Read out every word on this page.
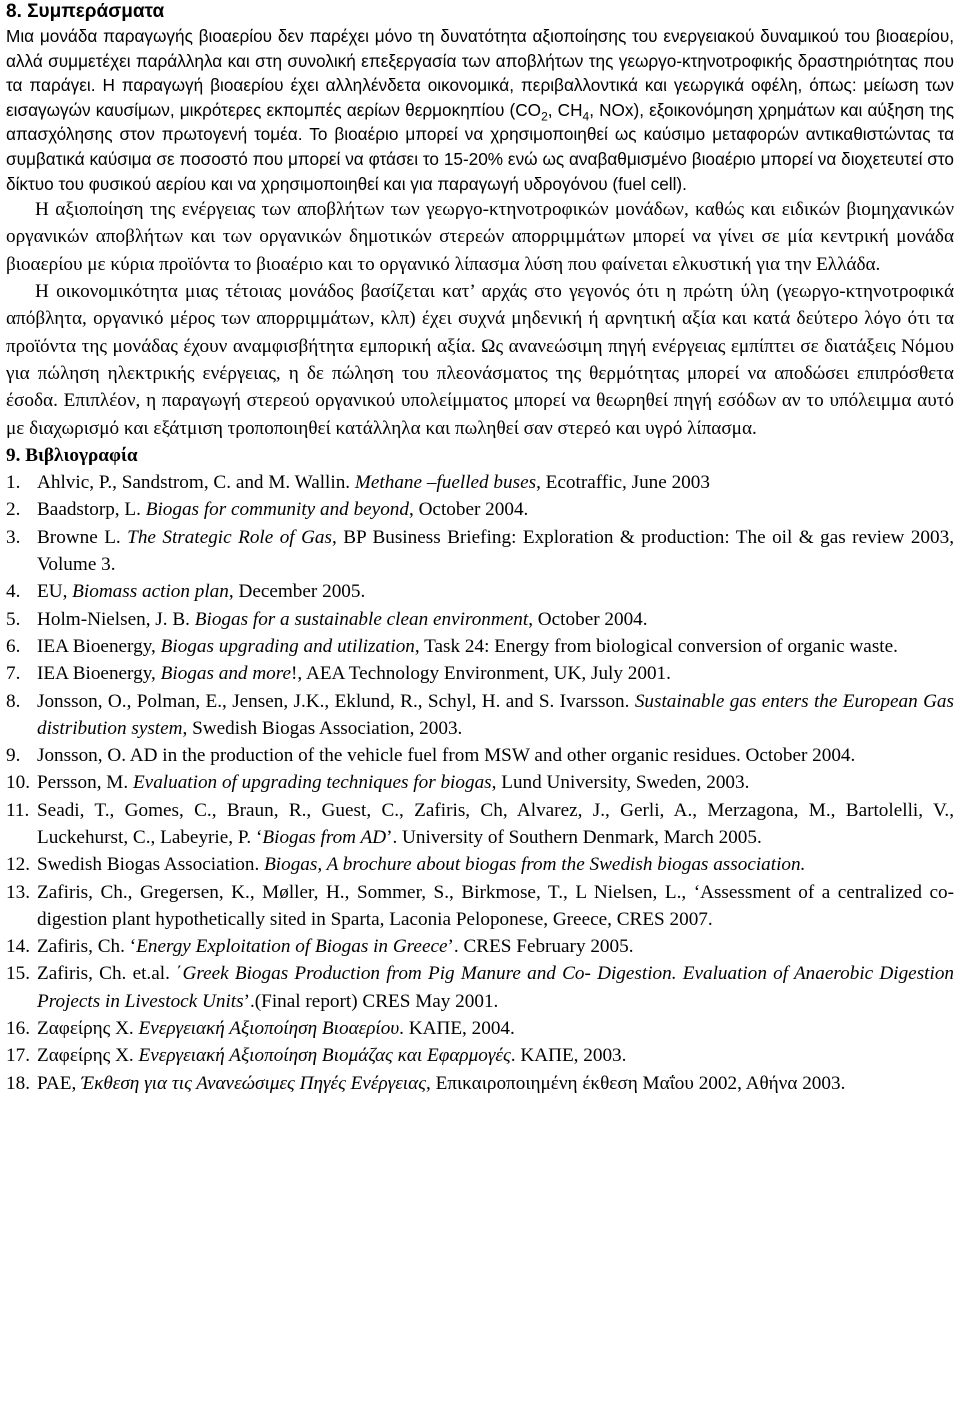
8. Συμπεράσματα

Μια μονάδα παραγωγής βιοαερίου δεν παρέχει μόνο τη δυνατότητα αξιοποίησης του ενεργειακού δυναμικού του βιοαερίου, αλλά συμμετέχει παράλληλα και στη συνολική επεξεργασία των αποβλήτων της γεωργο-κτηνοτροφικής δραστηριότητας που τα παράγει. Η παραγωγή βιοαερίου έχει αλληλένδετα οικονομικά, περιβαλλοντικά και γεωργικά οφέλη, όπως: μείωση των εισαγωγών καυσίμων, μικρότερες εκπομπές αερίων θερμοκηπίου ($CO_2$, $CH_4$, NOx), εξοικονόμηση χρημάτων και αύξηση της απασχόλησης στον πρωτογενή τομέα. Το βιοαέριο μπορεί να χρησιμοποιηθεί ως καύσιμο μεταφορών αντικαθιστώντας τα συμβατικά καύσιμα σε ποσοστό που μπορεί να φτάσει το 15-20% ενώ ως αναβαθμισμένο βιοαέριο μπορεί να διοχετευτεί στο δίκτυο του φυσικού αερίου και να χρησιμοποιηθεί και για παραγωγή υδρογόνου (fuel cell).

Η αξιοποίηση της ενέργειας των αποβλήτων των γεωργο-κτηνοτροφικών μονάδων, καθώς και ειδικών βιομηχανικών οργανικών αποβλήτων και των οργανικών δημοτικών στερεών απορριμμάτων μπορεί να γίνει σε μία κεντρική μονάδα βιοαερίου με κύρια προϊόντα το βιοαέριο και το οργανικό λίπασμα λύση που φαίνεται ελκυστική για την Ελλάδα.

Η οικονομικότητα μιας τέτοιας μονάδος βασίζεται κατ’ αρχάς στο γεγονός ότι η πρώτη ύλη (γεωργο-κτηνοτροφικά απόβλητα, οργανικό μέρος των απορριμμάτων, κλπ) έχει συχνά μηδενική ή αρνητική αξία και κατά δεύτερο λόγο ότι τα προϊόντα της μονάδας έχουν αναμφισβήτητα εμπορική αξία. Ως ανανεώσιμη πηγή ενέργειας εμπίπτει σε διατάξεις Νόμου για πώληση ηλεκτρικής ενέργειας, η δε πώληση του πλεονάσματος της θερμότητας μπορεί να αποδώσει επιπρόσθετα έσοδα. Επιπλέον, η παραγωγή στερεού οργανικού υπολείμματος μπορεί να θεωρηθεί πηγή εσόδων αν το υπόλειμμα αυτό με διαχωρισμό και εξάτμιση τροποποιηθεί κατάλληλα και πωληθεί σαν στερεό και υγρό λίπασμα.

9. Βιβλιογραφία
1. Ahlvic, P., Sandstrom, C. and M. Wallin. Methane –fuelled buses, Ecotraffic, June 2003
2. Baadstorp, L. Biogas for community and beyond, October 2004.
3. Browne L. The Strategic Role of Gas, BP Business Briefing: Exploration & production: The oil & gas review 2003, Volume 3.
4. EU, Biomass action plan, December 2005.
5. Holm-Nielsen, J. B. Biogas for a sustainable clean environment, October 2004.
6. IEA Bioenergy, Biogas upgrading and utilization, Task 24: Energy from biological conversion of organic waste.
7. IEA Bioenergy, Biogas and more!, AEA Technology Environment, UK, July 2001.
8. Jonsson, O., Polman, E., Jensen, J.K., Eklund, R., Schyl, H. and S. Ivarsson. Sustainable gas enters the European Gas distribution system, Swedish Biogas Association, 2003.
9. Jonsson, O. AD in the production of the vehicle fuel from MSW and other organic residues. October 2004.
10. Persson, M. Evaluation of upgrading techniques for biogas, Lund University, Sweden, 2003.
11. Seadi, T., Gomes, C., Braun, R., Guest, C., Zafiris, Ch, Alvarez, J., Gerli, A., Merzagona, M., Bartolelli, V., Luckehurst, C., Labeyrie, P. ‘Biogas from AD’. University of Southern Denmark, March 2005.
12. Swedish Biogas Association. Biogas, A brochure about biogas from the Swedish biogas association.
13. Zafiris, Ch., Gregersen, K., Møller, H., Sommer, S., Birkmose, T., L Nielsen, L., ‘Assessment of a centralized co-digestion plant hypothetically sited in Sparta, Laconia Peloponese, Greece, CRES 2007.
14. Zafiris, Ch. ‘Energy Exploitation of Biogas in Greece’. CRES February 2005.
15. Zafiris, Ch. et.al. ΄Greek Biogas Production from Pig Manure and Co- Digestion. Evaluation of Anaerobic Digestion Projects in Livestock Units’.(Final report) CRES May 2001.
16. Ζαφείρης Χ. Ενεργειακή Αξιοποίηση Βιοαερίου. ΚΑΠΕ, 2004.
17. Ζαφείρης Χ. Ενεργειακή Αξιοποίηση Βιομάζας και Εφαρμογές. ΚΑΠΕ, 2003.
18. ΡΑΕ, Έκθεση για τις Ανανεώσιμες Πηγές Ενέργειας, Επικαιροποιημένη έκθεση Μαΐου 2002, Αθήνα 2003.
